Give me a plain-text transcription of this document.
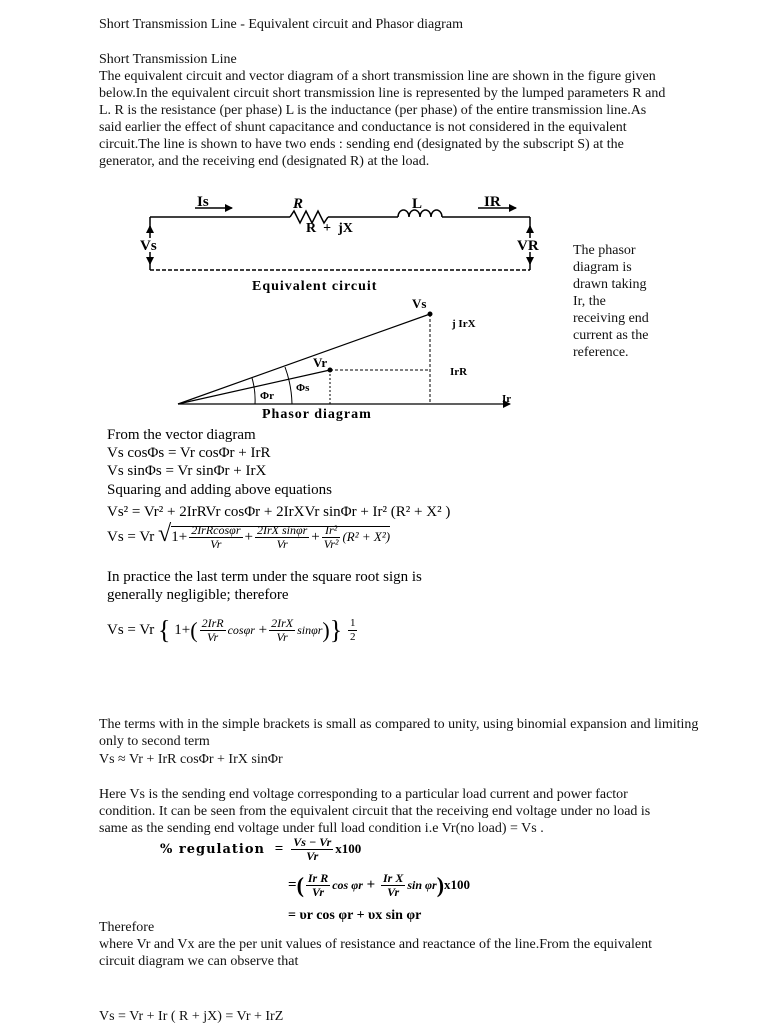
Short Transmission Line - Equivalent circuit and Phasor diagram
Short Transmission Line
The equivalent circuit and vector diagram of a short transmission line are shown in the figure given below.In the equivalent circuit short transmission line is represented by the lumped parameters R and L. R is the resistance (per phase) L is the inductance (per phase) of the entire transmission line.As said earlier the effect of shunt capacitance and conductance is not considered in the equivalent circuit.The line is shown to have two ends : sending end (designated by the subscript S) at the generator, and the receiving end (designated R) at the load.
Is	R	L	IR
R  +  jX
Vs	VR
Equivalent circuit
Vs
j IrX
Vr
Φs
Φr
IrR
Ir
Phasor diagram
The phasor diagram is drawn taking Ir, the receiving end current as the reference.
From the vector diagram
Vs cosΦs = Vr cosΦr + IrR
Vs sinΦs = Vr sinΦr + IrX
Squaring and adding above equations
Vs² = Vr² + 2IrRVr cosΦr + 2IrXVr sinΦr + Ir² (R² + X² )
Vs = Vr $√1+ \frac{\text{2IrRcosφr}}{Vr} + \frac{\text{2IrX sinφr}}{Vr} + \frac{\text{Ir²}}{\text{Vr²}} (R^2 + X^2)$
In practice the last term under the square root sign is generally negligible; therefore
Vs = Vr { $1+( \frac{\text{2IrR}}{Vr}$ $\cos\varphi r + \frac{\text{2IrX}}{Vr} \sin\varphi r)\} \frac{1}{2}$
The terms with in the simple brackets is small as compared to unity, using binomial expansion and limiting only to second term
Vs ≈ Vr + IrR cosΦr + IrX sinΦr
Here Vs is the sending end voltage corresponding to a particular load current and power factor condition. It can be seen from the equivalent circuit that the receiving end voltage under no load is same as the sending end voltage under full load condition i.e Vr(no load) = Vs .
% regulation = $\frac{Vs - Vr}{Vr} x100$
=( $\frac{\text{Ir R}}{Vr}$ $\cos \varphi r + \frac{\text{Ir X}}{Vr}$ sin φr)x100
= υr cos φr + υx sin φr
Therefore
where Vr and Vx are the per unit values of resistance and reactance of the line.From the equivalent circuit diagram we can observe that
Vs = Vr + Ir ( R + jX) = Vr + IrZ
